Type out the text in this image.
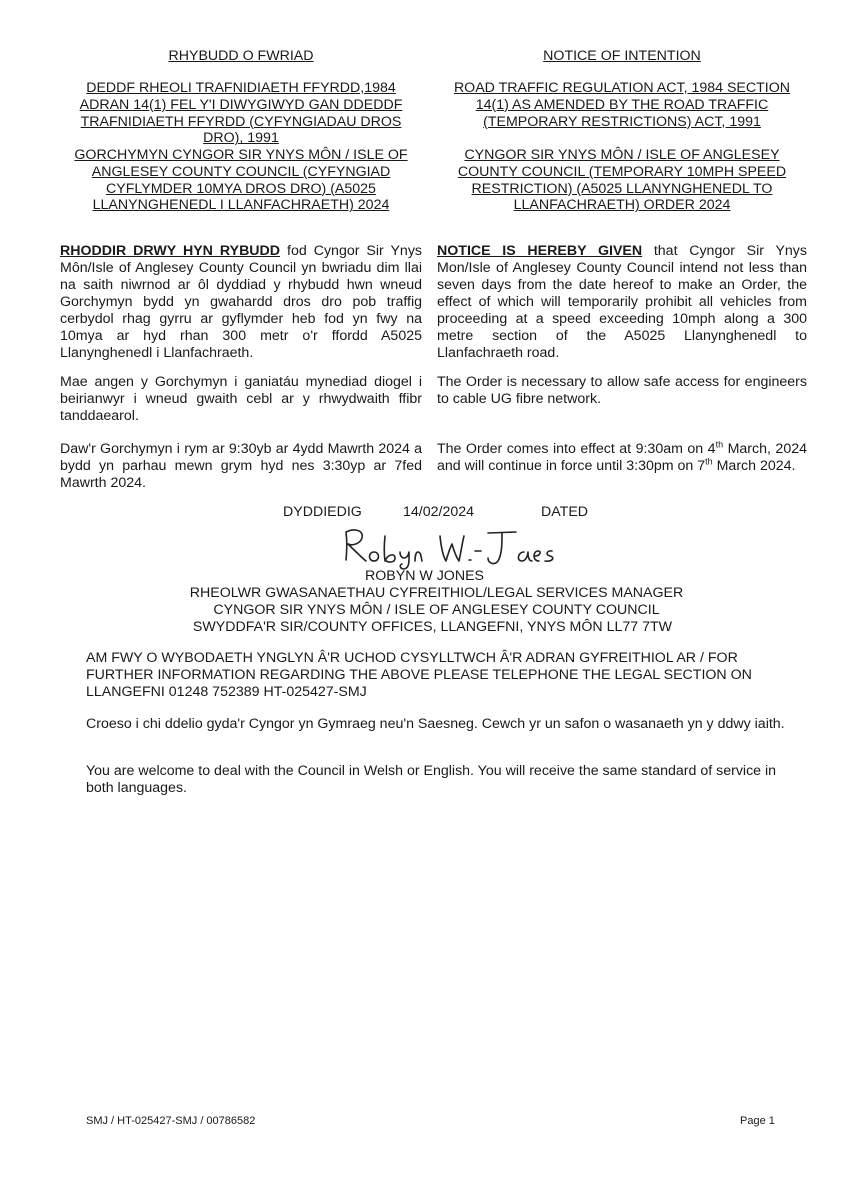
RHYBUDD O FWRIAD

DEDDF RHEOLI TRAFNIDIAETH FFYRDD,1984 ADRAN 14(1) FEL Y'I DIWYGIWYD GAN DDEDDF TRAFNIDIAETH FFYRDD (CYFYNGIADAU DROS DRO), 1991

GORCHYMYN CYNGOR SIR YNYS MÔN / ISLE OF ANGLESEY COUNTY COUNCIL (CYFYNGIAD CYFLYMDER 10MYA DROS DRO) (A5025 LLANYNGHENEDL I LLANFACHRAETH) 2024

RHODDIR DRWY HYN RYBUDD fod Cyngor Sir Ynys Môn/Isle of Anglesey County Council yn bwriadu dim llai na saith niwrnod ar ôl dyddiad y rhybudd hwn wneud Gorchymyn bydd yn gwahardd dros dro pob traffig cerbydol rhag gyrru ar gyflymder heb fod yn fwy na 10mya ar hyd rhan 300 metr o'r ffordd A5025 Llanynghenedl i Llanfachraeth.

Mae angen y Gorchymyn i ganiatáu mynediad diogel i beirianwyr i wneud gwaith cebl ar y rhwydwaith ffibr tanddaearol.

Daw'r Gorchymyn i rym ar 9:30yb ar 4ydd Mawrth 2024 a bydd yn parhau mewn grym hyd nes 3:30yp ar 7fed Mawrth 2024.

NOTICE OF INTENTION

ROAD TRAFFIC REGULATION ACT, 1984 SECTION 14(1) AS AMENDED BY THE ROAD TRAFFIC (TEMPORARY RESTRICTIONS) ACT, 1991

CYNGOR SIR YNYS MÔN / ISLE OF ANGLESEY COUNTY COUNCIL (TEMPORARY 10MPH SPEED RESTRICTION) (A5025 LLANYNGHENEDL TO LLANFACHRAETH) ORDER 2024

NOTICE IS HEREBY GIVEN that Cyngor Sir Ynys Mon/Isle of Anglesey County Council intend not less than seven days from the date hereof to make an Order, the effect of which will temporarily prohibit all vehicles from proceeding at a speed exceeding 10mph along a 300 metre section of the A5025 Llanynghenedl to Llanfachraeth road.

The Order is necessary to allow safe access for engineers to cable UG fibre network.

The Order comes into effect at 9:30am on 4th March, 2024 and will continue in force until 3:30pm on 7th March 2024.

DYDDIEDIG	14/02/2024	DATED
ROBYN W JONES
RHEOLWR GWASANAETHAU CYFREITHIOL/LEGAL SERVICES MANAGER
CYNGOR SIR YNYS MÔN / ISLE OF ANGLESEY COUNTY COUNCIL
SWYDDFA'R SIR/COUNTY OFFICES, LLANGEFNI, YNYS MÔN LL77 7TW

AM FWY O WYBODAETH YNGLYN Â'R UCHOD CYSYLLTWCH Â'R ADRAN GYFREITHIOL AR / FOR FURTHER INFORMATION REGARDING THE ABOVE PLEASE TELEPHONE THE LEGAL SECTION ON LLANGEFNI 01248 752389 HT-025427-SMJ

Croeso i chi ddelio gyda'r Cyngor yn Gymraeg neu'n Saesneg. Cewch yr un safon o wasanaeth yn y ddwy iaith.

You are welcome to deal with the Council in Welsh or English. You will receive the same standard of service in both languages.

SMJ / HT-025427-SMJ / 00786582	Page 1
